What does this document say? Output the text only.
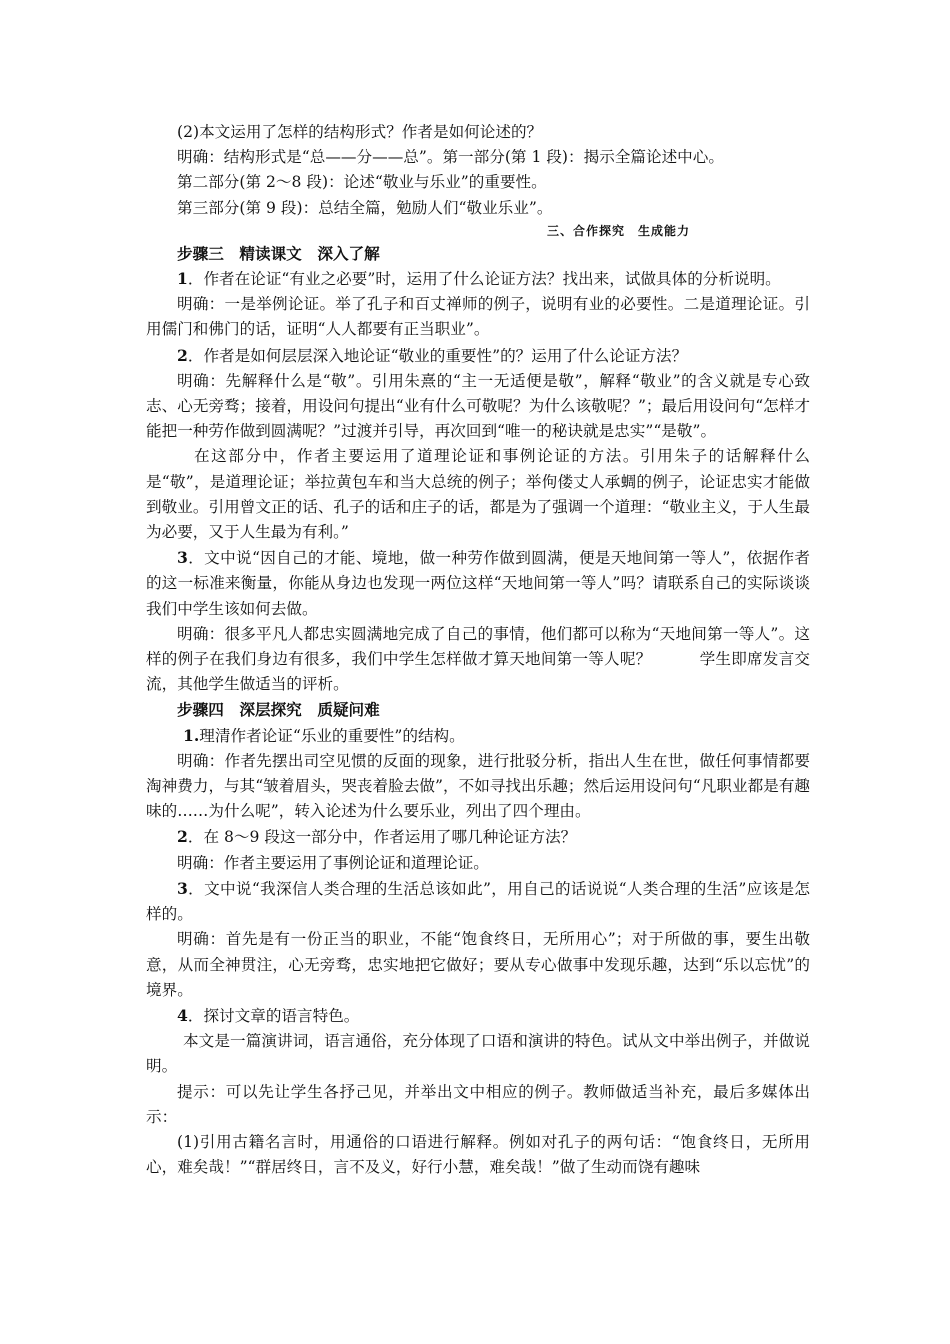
(2)本文运用了怎样的结构形式？作者是如何论述的？

明确：结构形式是“总——分——总”。第一部分(第 1 段)：揭示全篇论述中心。

第二部分(第 2～8 段)：论述“敬业与乐业”的重要性。

第三部分(第 9 段)：总结全篇，勉励人们“敬业乐业”。

三、合作探究　生成能力

步骤三　精读课文　深入了解

1．作者在论证“有业之必要”时，运用了什么论证方法？找出来，试做具体的分析说明。

明确：一是举例论证。举了孔子和百丈禅师的例子，说明有业的必要性。二是道理论证。引用儒门和佛门的话，证明“人人都要有正当职业”。

2．作者是如何层层深入地论证“敬业的重要性”的？运用了什么论证方法？

明确：先解释什么是“敬”。引用朱熹的“主一无适便是敬”，解释“敬业”的含义就是专心致志、心无旁骛；接着，用设问句提出“业有什么可敬呢？为什么该敬呢？”；最后用设问句“怎样才能把一种劳作做到圆满呢？”过渡并引导，再次回到“唯一的秘诀就是忠实”“是敬”。

在这部分中，作者主要运用了道理论证和事例论证的方法。引用朱子的话解释什么是“敬”，是道理论证；举拉黄包车和当大总统的例子；举佝偻丈人承蜩的例子，论证忠实才能做到敬业。引用曾文正的话、孔子的话和庄子的话，都是为了强调一个道理：“敬业主义，于人生最为必要，又于人生最为有利。”

3．文中说“因自己的才能、境地，做一种劳作做到圆满，便是天地间第一等人”，依据作者的这一标准来衡量，你能从身边也发现一两位这样“天地间第一等人”吗？请联系自己的实际谈谈我们中学生该如何去做。

明确：很多平凡人都忠实圆满地完成了自己的事情，他们都可以称为“天地间第一等人”。这样的例子在我们身边有很多，我们中学生怎样做才算天地间第一等人呢？	学生即席发言交流，其他学生做适当的评析。

步骤四　深层探究　质疑问难

1.理清作者论证“乐业的重要性”的结构。

明确：作者先摆出司空见惯的反面的现象，进行批驳分析，指出人生在世，做任何事情都要淘神费力，与其“皱着眉头，哭丧着脸去做”，不如寻找出乐趣；然后运用设问句“凡职业都是有趣味的……为什么呢”，转入论述为什么要乐业，列出了四个理由。

2．在 8～9 段这一部分中，作者运用了哪几种论证方法？

明确：作者主要运用了事例论证和道理论证。

3．文中说“我深信人类合理的生活总该如此”，用自己的话说说“人类合理的生活”应该是怎样的。

明确：首先是有一份正当的职业，不能“饱食终日，无所用心”；对于所做的事，要生出敬意，从而全神贯注，心无旁骛，忠实地把它做好；要从专心做事中发现乐趣，达到“乐以忘忧”的境界。

4．探讨文章的语言特色。

本文是一篇演讲词，语言通俗，充分体现了口语和演讲的特色。试从文中举出例子，并做说明。

提示：可以先让学生各抒己见，并举出文中相应的例子。教师做适当补充，最后多媒体出示：

(1)引用古籍名言时，用通俗的口语进行解释。例如对孔子的两句话：“饱食终日，无所用心，难矣哉！”“群居终日，言不及义，好行小慧，难矣哉！”做了生动而饶有趣味
